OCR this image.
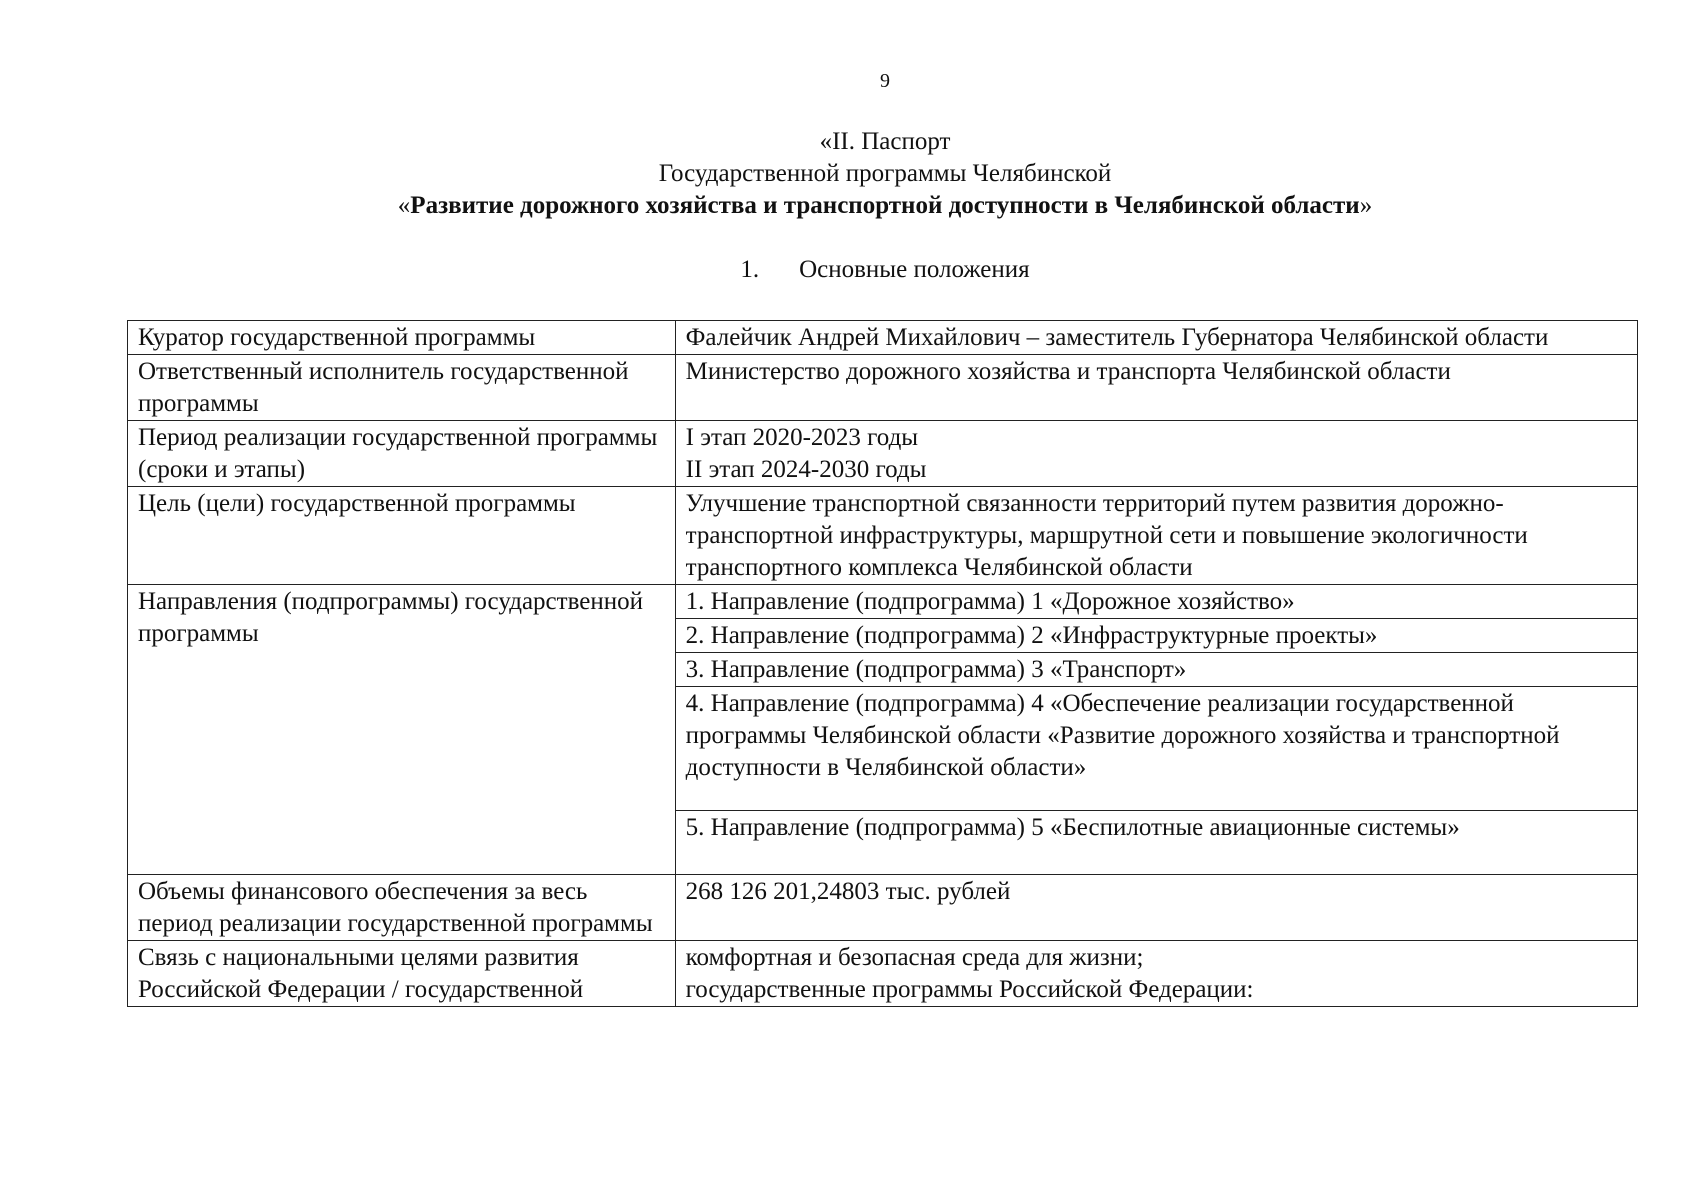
9
«II. Паспорт
Государственной программы Челябинской
«Развитие дорожного хозяйства и транспортной доступности в Челябинской области»
1. Основные положения
Куратор государственной программы	Фалейчик Андрей Михайлович – заместитель Губернатора Челябинской области
Ответственный исполнитель государственной программы	Министерство дорожного хозяйства и транспорта Челябинской области
Период реализации государственной программы (сроки и этапы)	I этап 2020-2023 годы
II этап 2024-2030 годы

Цель (цели) государственной программы	Улучшение транспортной связанности территорий путем развития дорожно-транспортной инфраструктуры, маршрутной сети и повышение экологичности транспортного комплекса Челябинской области
Направления (подпрограммы) государственной программы	1. Направление (подпрограмма) 1 «Дорожное хозяйство»
	2. Направление (подпрограмма) 2 «Инфраструктурные проекты»
	3. Направление (подпрограмма) 3 «Транспорт»
	4. Направление (подпрограмма) 4 «Обеспечение реализации государственной программы Челябинской области «Развитие дорожного хозяйства и транспортной доступности в Челябинской области»
	5. Направление (подпрограмма) 5 «Беспилотные авиационные системы»
Объемы финансового обеспечения за весь период реализации государственной программы	268 126 201,24803 тыс. рублей
Связь с национальными целями развития Российской Федерации / государственной	комфортная и безопасная среда для жизни;
государственные программы Российской Федерации:
